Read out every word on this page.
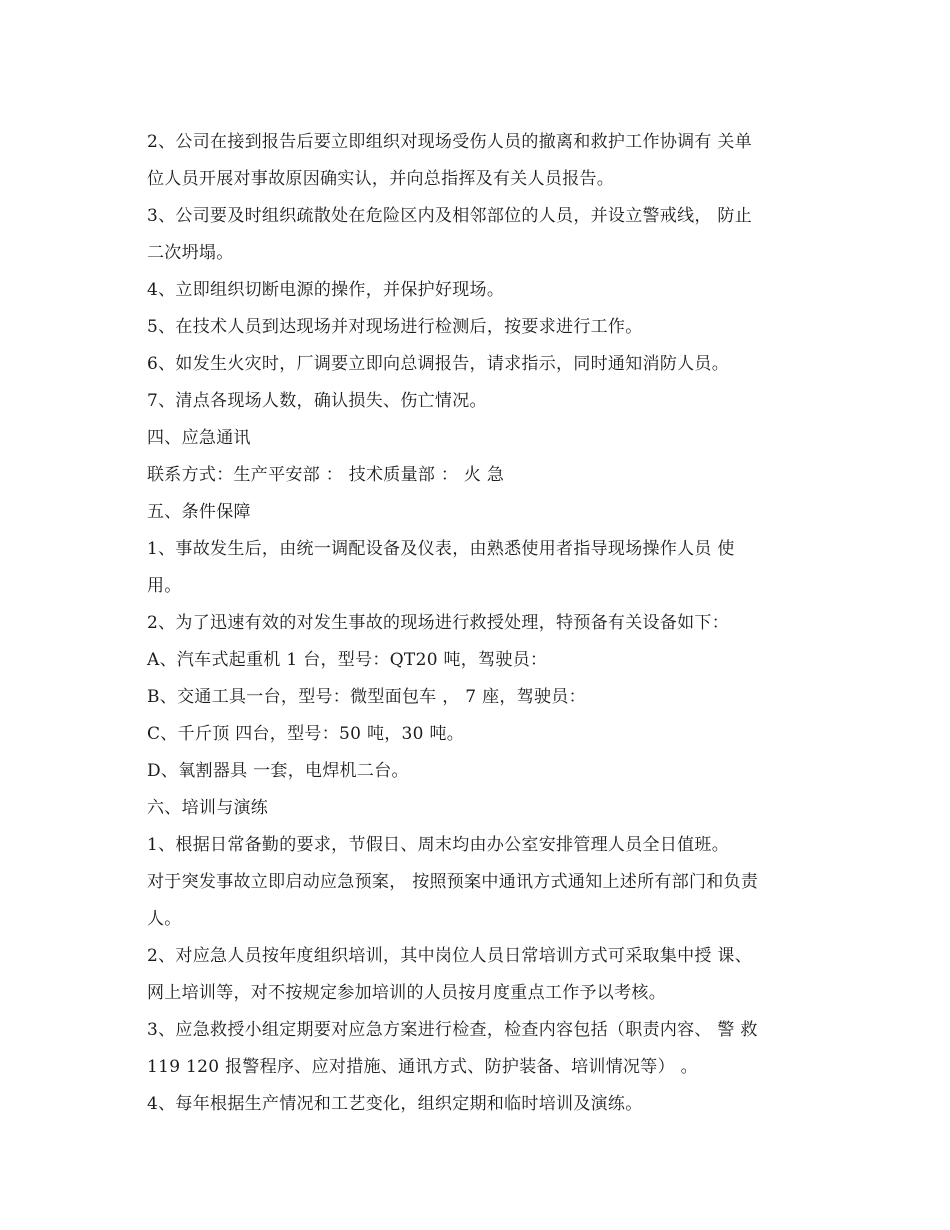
2、公司在接到报告后要立即组织对现场受伤人员的撤离和救护工作协调有 关单

位人员开展对事故原因确实认，并向总指挥及有关人员报告。

3、公司要及时组织疏散处在危险区内及相邻部位的人员，并设立警戒线， 防止

二次坍塌。

4、立即组织切断电源的操作，并保护好现场。

5、在技术人员到达现场并对现场进行检测后，按要求进行工作。

6、如发生火灾时，厂调要立即向总调报告，请求指示，同时通知消防人员。

7、清点各现场人数，确认损失、伤亡情况。

四、应急通讯

联系方式：生产平安部 ： 技术质量部 ： 火 急

五、条件保障

1、事故发生后，由统一调配设备及仪表，由熟悉使用者指导现场操作人员 使

用。

2、为了迅速有效的对发生事故的现场进行救授处理，特预备有关设备如下：

A、汽车式起重机 1 台，型号：QT20 吨，驾驶员：

B、交通工具一台，型号：微型面包车 ， 7 座，驾驶员：

C、千斤顶 四台，型号：50 吨，30 吨。

D、氧割器具 一套，电焊机二台。

六、培训与演练

1、根据日常备勤的要求，节假日、周末均由办公室安排管理人员全日值班。

对于突发事故立即启动应急预案， 按照预案中通讯方式通知上述所有部门和负责

人。

2、对应急人员按年度组织培训，其中岗位人员日常培训方式可采取集中授 课、

网上培训等，对不按规定参加培训的人员按月度重点工作予以考核。

3、应急救授小组定期要对应急方案进行检查，检查内容包括（职责内容、 警 救

119 120 报警程序、应对措施、通讯方式、防护装备、培训情况等） 。

4、每年根据生产情况和工艺变化，组织定期和临时培训及演练。
